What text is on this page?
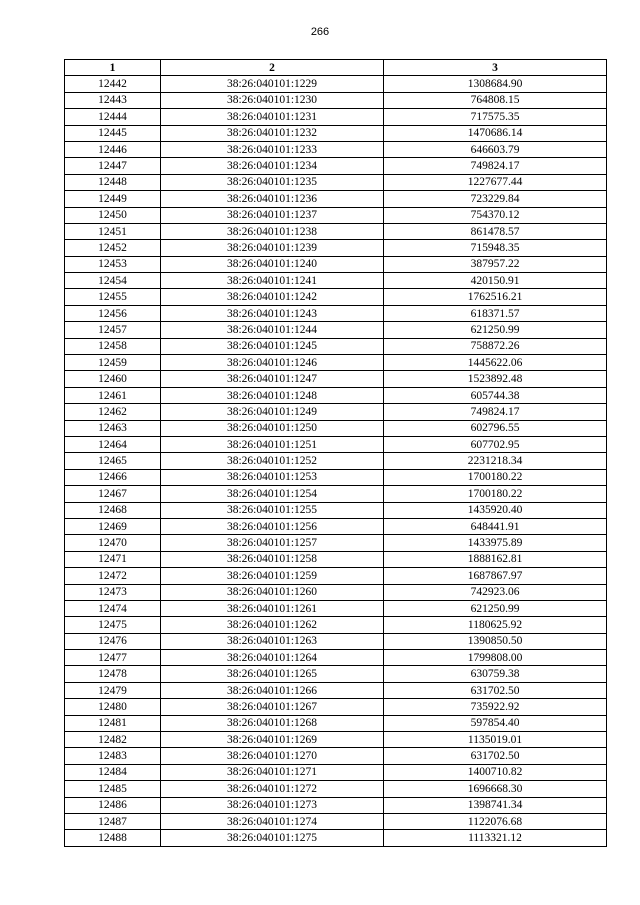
266
1	2	3
12442	38:26:040101:1229	1308684.90
12443	38:26:040101:1230	764808.15
12444	38:26:040101:1231	717575.35
12445	38:26:040101:1232	1470686.14
12446	38:26:040101:1233	646603.79
12447	38:26:040101:1234	749824.17
12448	38:26:040101:1235	1227677.44
12449	38:26:040101:1236	723229.84
12450	38:26:040101:1237	754370.12
12451	38:26:040101:1238	861478.57
12452	38:26:040101:1239	715948.35
12453	38:26:040101:1240	387957.22
12454	38:26:040101:1241	420150.91
12455	38:26:040101:1242	1762516.21
12456	38:26:040101:1243	618371.57
12457	38:26:040101:1244	621250.99
12458	38:26:040101:1245	758872.26
12459	38:26:040101:1246	1445622.06
12460	38:26:040101:1247	1523892.48
12461	38:26:040101:1248	605744.38
12462	38:26:040101:1249	749824.17
12463	38:26:040101:1250	602796.55
12464	38:26:040101:1251	607702.95
12465	38:26:040101:1252	2231218.34
12466	38:26:040101:1253	1700180.22
12467	38:26:040101:1254	1700180.22
12468	38:26:040101:1255	1435920.40
12469	38:26:040101:1256	648441.91
12470	38:26:040101:1257	1433975.89
12471	38:26:040101:1258	1888162.81
12472	38:26:040101:1259	1687867.97
12473	38:26:040101:1260	742923.06
12474	38:26:040101:1261	621250.99
12475	38:26:040101:1262	1180625.92
12476	38:26:040101:1263	1390850.50
12477	38:26:040101:1264	1799808.00
12478	38:26:040101:1265	630759.38
12479	38:26:040101:1266	631702.50
12480	38:26:040101:1267	735922.92
12481	38:26:040101:1268	597854.40
12482	38:26:040101:1269	1135019.01
12483	38:26:040101:1270	631702.50
12484	38:26:040101:1271	1400710.82
12485	38:26:040101:1272	1696668.30
12486	38:26:040101:1273	1398741.34
12487	38:26:040101:1274	1122076.68
12488	38:26:040101:1275	1113321.12
